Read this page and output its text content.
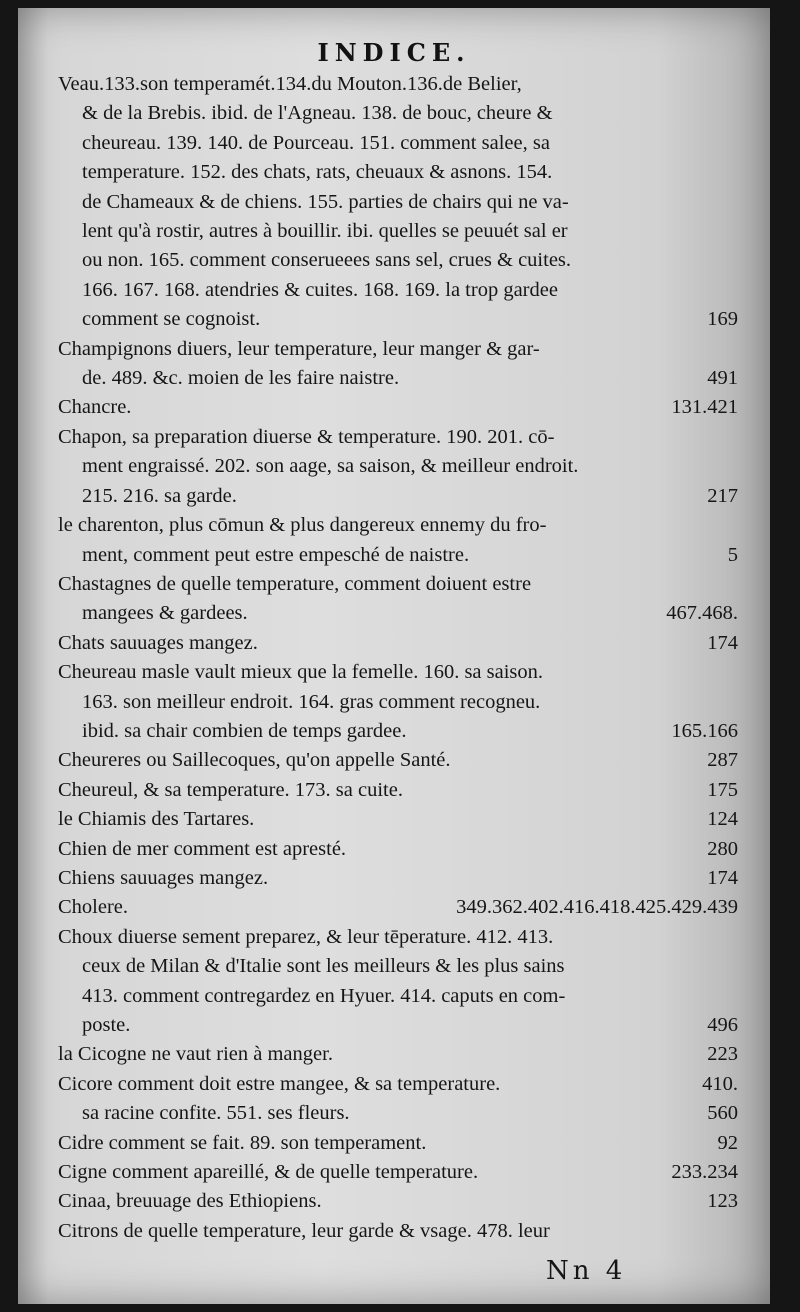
INDICE.
Veau.133.son temperamét.134.du Mouton.136.de Belier,
& de la Brebis. ibid. de l'Agneau. 138. de bouc, cheure &
cheureau. 139. 140. de Pourceau. 151. comment salee, sa
temperature. 152. des chats, rats, cheuaux & asnons. 154.
de Chameaux & de chiens. 155. parties de chairs qui ne va-
lent qu'à rostir, autres à bouillir. ibi. quelles se peuuét sal er
ou non. 165. comment conserueees sans sel, crues & cuites.
166. 167. 168. atendries & cuites. 168. 169. la trop gardee
comment se cognoist.	169
Champignons diuers, leur temperature, leur manger & gar-
de. 489. &c. moien de les faire naistre.	491
Chancre.	131.421
Chapon, sa preparation diuerse & temperature. 190. 201. cō-
ment engraissé. 202. son aage, sa saison, & meilleur endroit.
215. 216. sa garde.	217
le charenton, plus cōmun & plus dangereux ennemy du fro-
ment, comment peut estre empesché de naistre.	5
Chastagnes de quelle temperature, comment doiuent estre
mangees & gardees.	467.468.
Chats sauuages mangez.	174
Cheureau masle vault mieux que la femelle. 160. sa saison.
163. son meilleur endroit. 164. gras comment recogneu.
ibid. sa chair combien de temps gardee.	165.166
Cheureres ou Saillecoques, qu'on appelle Santé.	287
Cheureul, & sa temperature. 173. sa cuite.	175
le Chiamis des Tartares.	124
Chien de mer comment est apresté.	280
Chiens sauuages mangez.	174
Cholere.	349.362.402.416.418.425.429.439
Choux diuerse sement preparez, & leur tēperature. 412. 413.
ceux de Milan & d'Italie sont les meilleurs & les plus sains
413. comment contregardez en Hyuer. 414. caputs en com-
poste.	496
la Cicogne ne vaut rien à manger.	223
Cicore comment doit estre mangee, & sa temperature.	410.
sa racine confite. 551. ses fleurs.	560
Cidre comment se fait. 89. son temperament.	92
Cigne comment apareillé, & de quelle temperature.	233.234
Cinaa, breuuage des Ethiopiens.	123
Citrons de quelle temperature, leur garde & vsage. 478. leur
Nn 4
